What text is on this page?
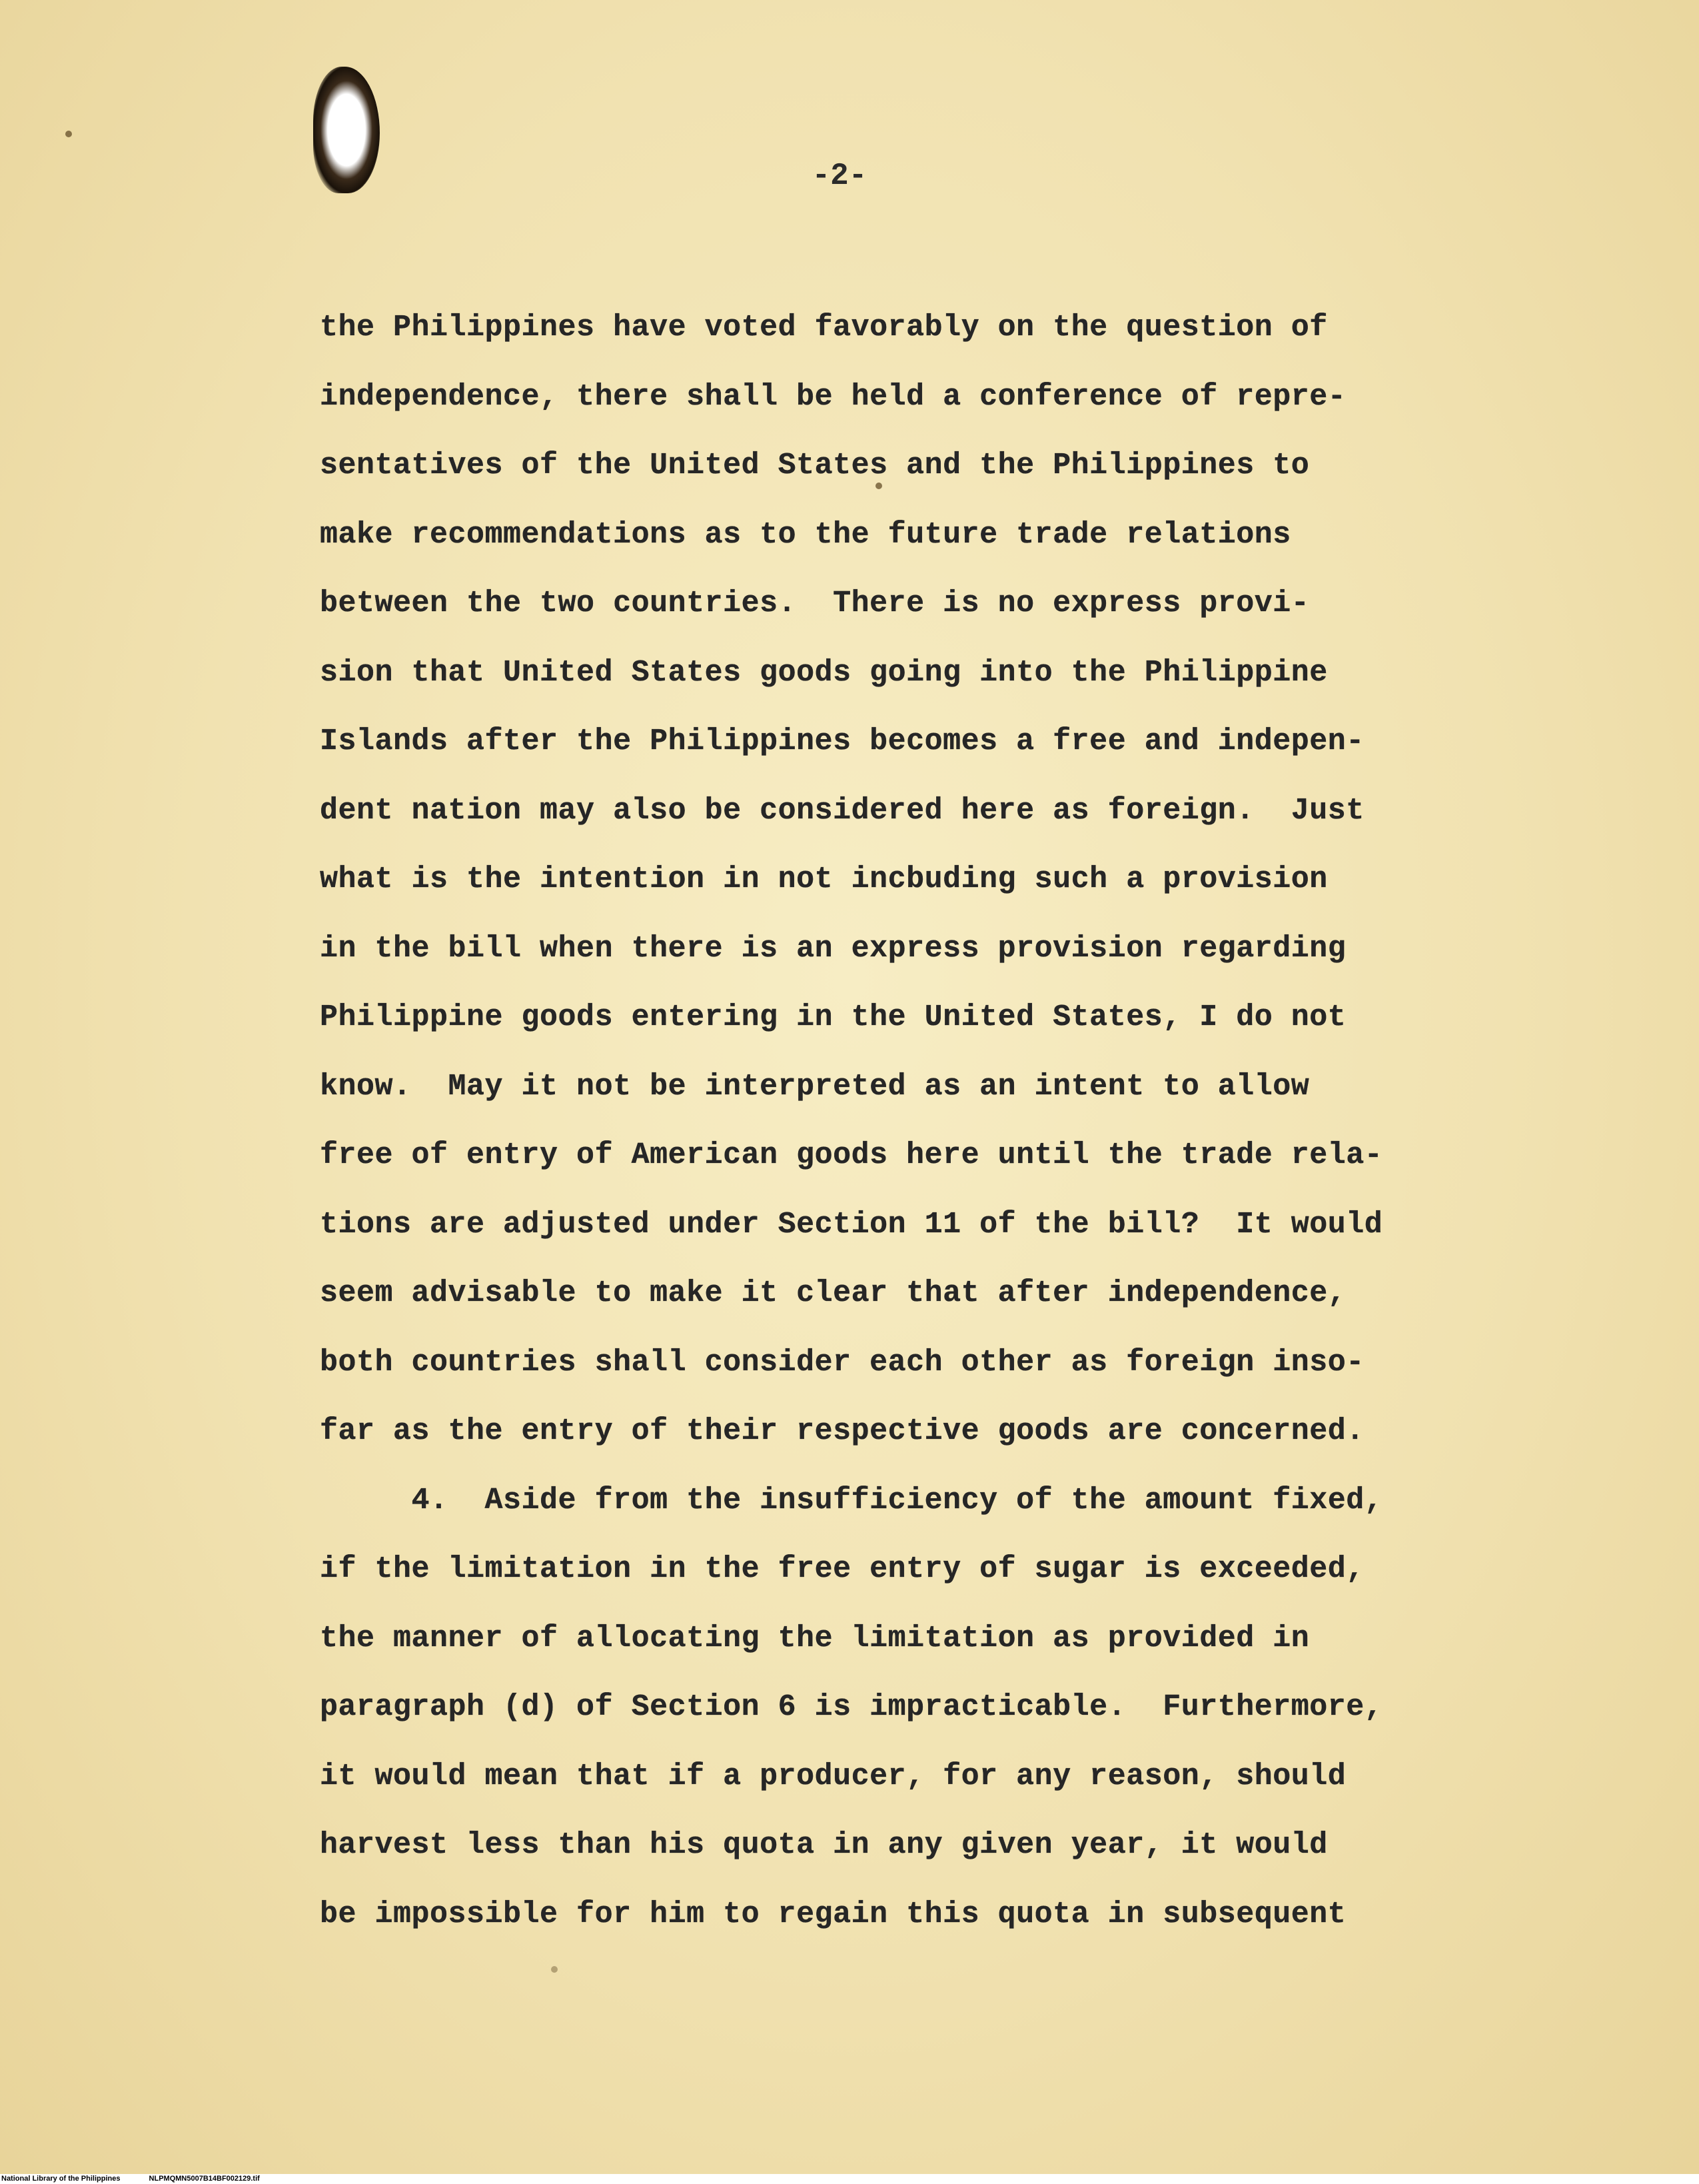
-2-
the Philippines have voted favorably on the question of
independence, there shall be held a conference of repre-
sentatives of the United States and the Philippines to
make recommendations as to the future trade relations
between the two countries.  There is no express provi-
sion that United States goods going into the Philippine
Islands after the Philippines becomes a free and indepen-
dent nation may also be considered here as foreign.  Just
what is the intention in not incbuding such a provision
in the bill when there is an express provision regarding
Philippine goods entering in the United States, I do not
know.  May it not be interpreted as an intent to allow
free of entry of American goods here until the trade rela-
tions are adjusted under Section 11 of the bill?  It would
seem advisable to make it clear that after independence,
both countries shall consider each other as foreign inso-
far as the entry of their respective goods are concerned.
4.  Aside from the insufficiency of the amount fixed,
if the limitation in the free entry of sugar is exceeded,
the manner of allocating the limitation as provided in
paragraph (d) of Section 6 is impracticable.  Furthermore,
it would mean that if a producer, for any reason, should
harvest less than his quota in any given year, it would
be impossible for him to regain this quota in subsequent
National Library of the Philippines	NLPMQMN5007B14BF002129.tif
